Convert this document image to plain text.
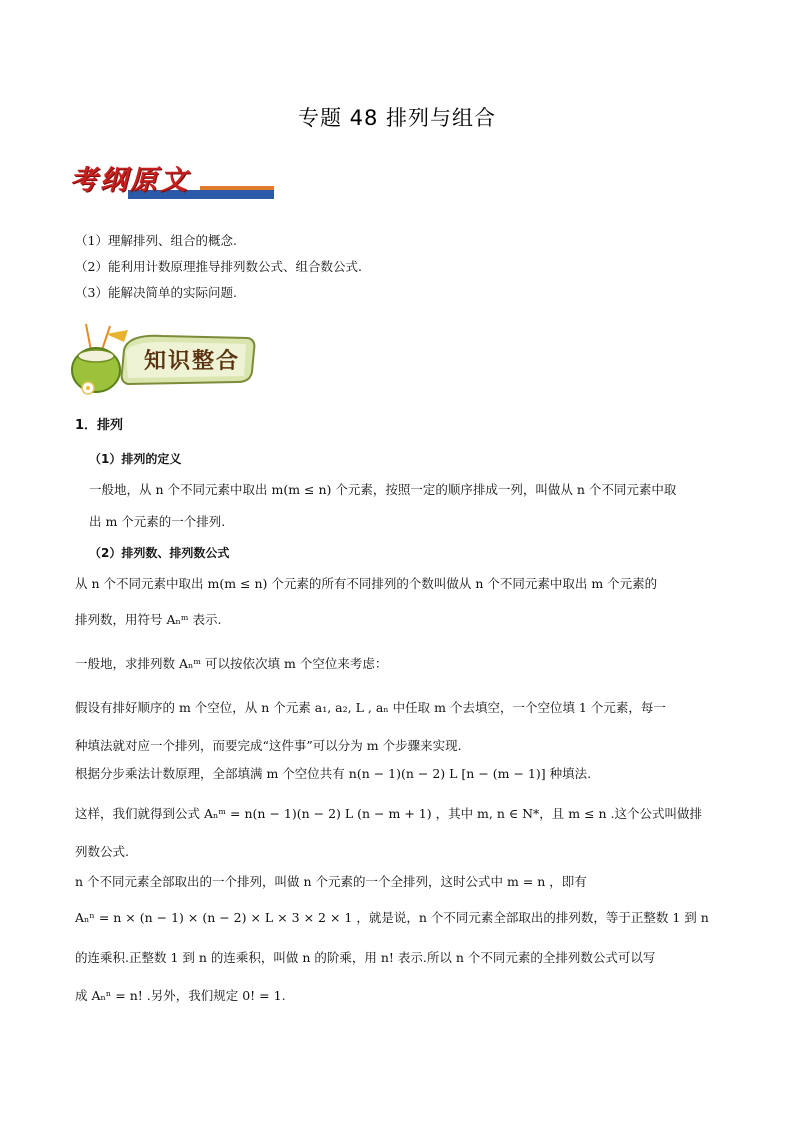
专题 48 排列与组合
考纲原文
（1）理解排列、组合的概念.
（2）能利用计数原理推导排列数公式、组合数公式.
（3）能解决简单的实际问题.
知识整合
1．排列
（1）排列的定义
一般地，从 n 个不同元素中取出 m(m ≤ n) 个元素，按照一定的顺序排成一列，叫做从 n 个不同元素中取
出 m 个元素的一个排列.
（2）排列数、排列数公式
从 n 个不同元素中取出 m(m ≤ n) 个元素的所有不同排列的个数叫做从 n 个不同元素中取出 m 个元素的
排列数，用符号 Aₙᵐ 表示.
一般地，求排列数 Aₙᵐ 可以按依次填 m 个空位来考虑：
假设有排好顺序的 m 个空位，从 n 个元素 a₁, a₂, L , aₙ 中任取 m 个去填空，一个空位填 1 个元素，每一
种填法就对应一个排列，而要完成“这件事”可以分为 m 个步骤来实现.
根据分步乘法计数原理，全部填满 m 个空位共有 n(n − 1)(n − 2) L [n − (m − 1)] 种填法.
这样，我们就得到公式 Aₙᵐ = n(n − 1)(n − 2) L (n − m + 1) ，其中 m, n ∈ N*，且 m ≤ n .这个公式叫做排
列数公式.
n 个不同元素全部取出的一个排列，叫做 n 个元素的一个全排列，这时公式中 m = n ，即有
Aₙⁿ = n × (n − 1) × (n − 2) × L × 3 × 2 × 1 ，就是说，n 个不同元素全部取出的排列数，等于正整数 1 到 n
的连乘积.正整数 1 到 n 的连乘积，叫做 n 的阶乘，用 n! 表示.所以 n 个不同元素的全排列数公式可以写
成 Aₙⁿ = n! .另外，我们规定 0! = 1.
